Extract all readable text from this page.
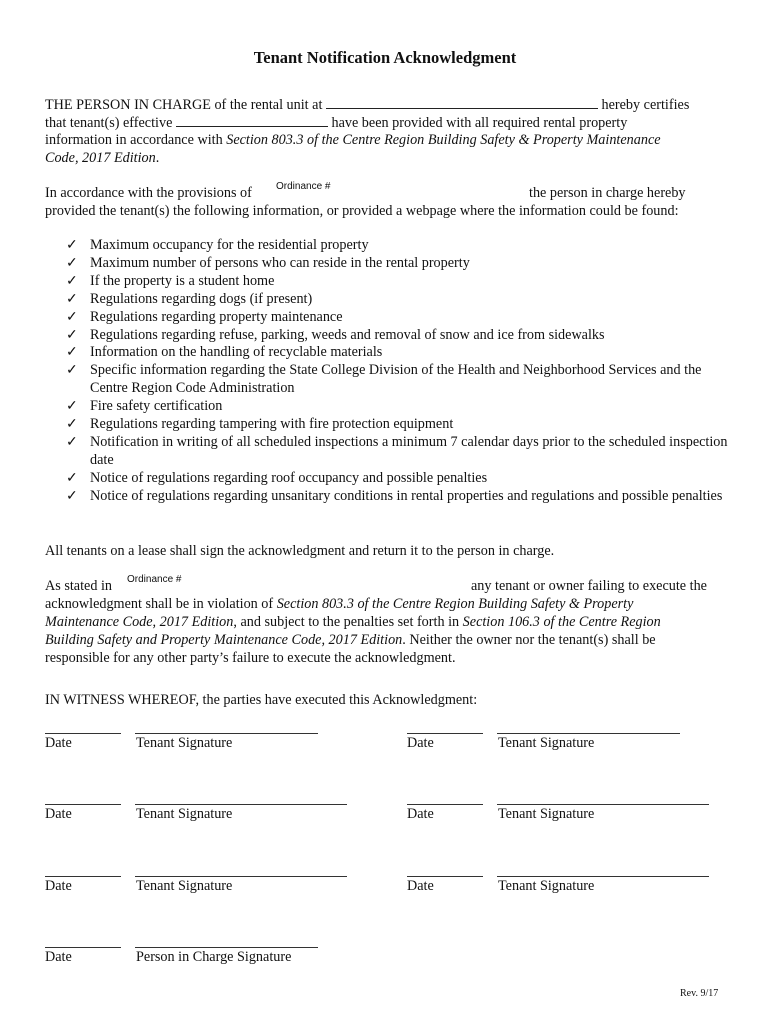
Tenant Notification Acknowledgment
THE PERSON IN CHARGE of the rental unit at	hereby certifies
that tenant(s) effective	have been provided with all required rental property
information in accordance with Section 803.3 of the Centre Region Building Safety & Property Maintenance
Code, 2017 Edition.
In accordance with the provisions of Ordinance #	the person in charge hereby
provided the tenant(s) the following information, or provided a webpage where the information could be found:
✓ Maximum occupancy for the residential property
✓ Maximum number of persons who can reside in the rental property
✓ If the property is a student home
✓ Regulations regarding dogs (if present)
✓ Regulations regarding property maintenance
✓ Regulations regarding refuse, parking, weeds and removal of snow and ice from sidewalks
✓ Information on the handling of recyclable materials
✓ Specific information regarding the State College Division of the Health and Neighborhood Services and the Centre Region Code Administration
✓ Fire safety certification
✓ Regulations regarding tampering with fire protection equipment
✓ Notification in writing of all scheduled inspections a minimum 7 calendar days prior to the scheduled inspection date
✓ Notice of regulations regarding roof occupancy and possible penalties
✓ Notice of regulations regarding unsanitary conditions in rental properties and regulations and possible penalties
All tenants on a lease shall sign the acknowledgment and return it to the person in charge.
As stated in Ordinance #	any tenant or owner failing to execute the
acknowledgment shall be in violation of Section 803.3 of the Centre Region Building Safety & Property
Maintenance Code, 2017 Edition, and subject to the penalties set forth in Section 106.3 of the Centre Region
Building Safety and Property Maintenance Code, 2017 Edition. Neither the owner nor the tenant(s) shall be
responsible for any other party’s failure to execute the acknowledgment.
IN WITNESS WHEREOF, the parties have executed this Acknowledgment:
Date	Tenant Signature	Date	Tenant Signature
Date	Tenant Signature	Date	Tenant Signature
Date	Tenant Signature	Date	Tenant Signature
Date	Person in Charge Signature
Rev. 9/17
